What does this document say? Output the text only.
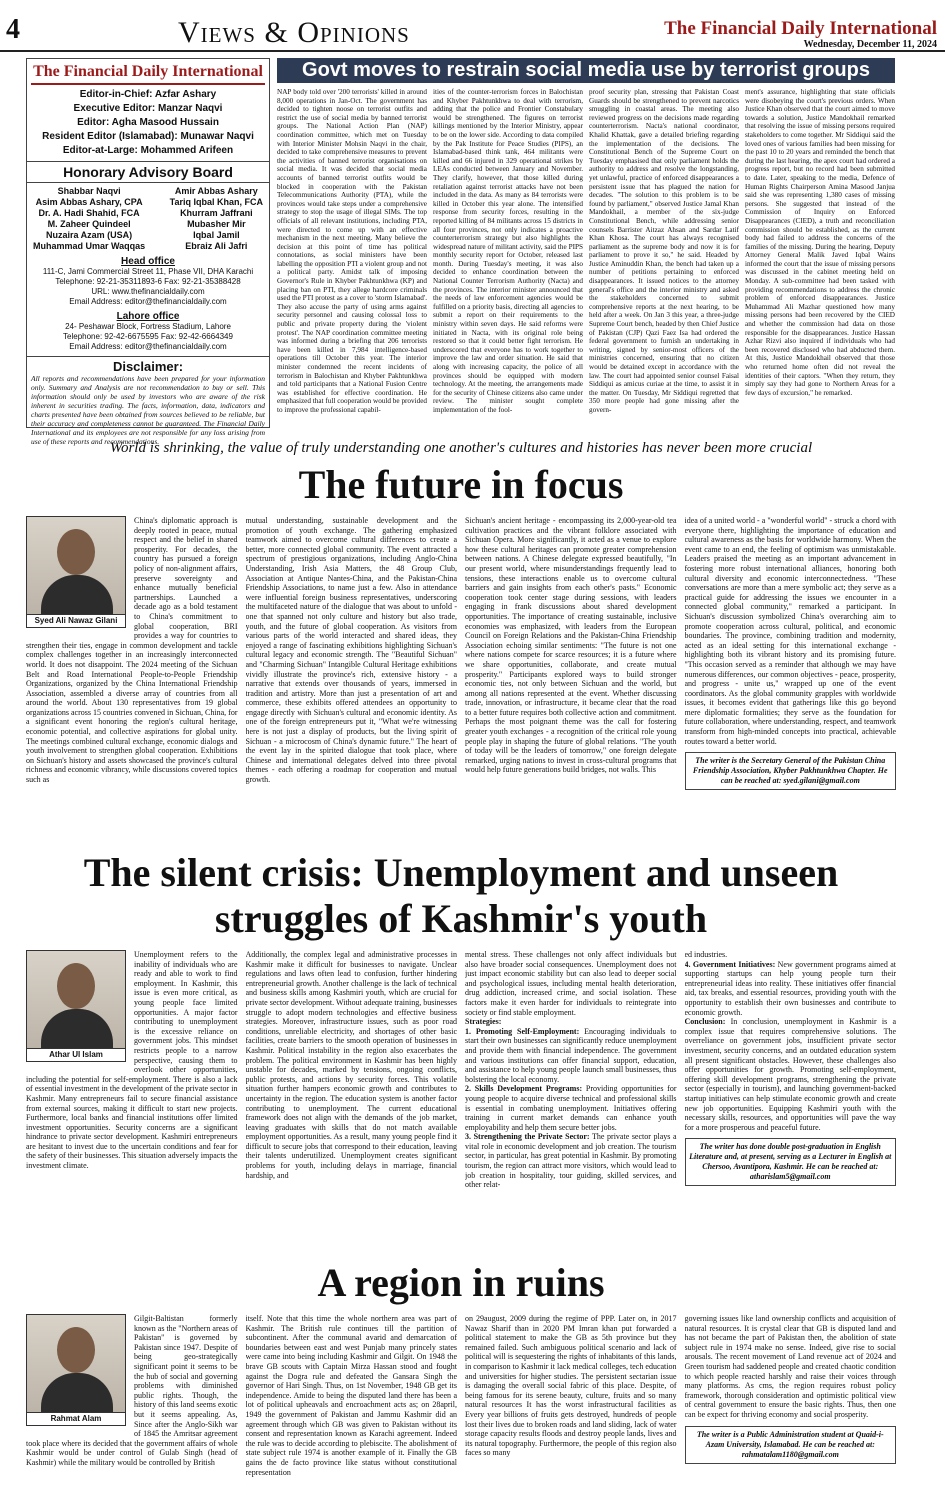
4	Views & Opinions	The Financial Daily International
Wednesday, December 11, 2024
The Financial Daily International
Editor-in-Chief: Azfar Ashary
Executive Editor: Manzar Naqvi
Editor: Agha Masood Hussain
Resident Editor (Islamabad): Munawar Naqvi
Editor-at-Large: Mohammed Arifeen
Honorary Advisory Board
Shabbar Naqvi
Asim Abbas Ashary, CPA
Dr. A. Hadi Shahid, FCA
M. Zaheer Quindeel
Nuzaira Azam (USA)
Muhammad Umar Waqqas
Amir Abbas Ashary
Tariq Iqbal Khan, FCA
Khurram Jaffrani
Mubasher Mir
Iqbal Jamil
Ebraiz Ali Jafri
Head office
111-C, Jami Commercial Street 11, Phase VII, DHA Karachi
Telephone: 92-21-35311893-6 Fax: 92-21-35388428
URL: www.thefinancialdaily.com
Email Address: editor@thefinancialdaily.com
Lahore office
24- Peshawar Block, Fortress Stadium, Lahore
Telephone: 92-42-6675595 Fax: 92-42-6664349
Email Address: editor@thefinancialdaily.com
Disclaimer:
All reports and recommendations have been prepared for your information only. Summary and Analysis are not recommendation to buy or sell. This information should only be used by investors who are aware of the risk inherent in securities trading. The facts, information, data, indicators and charts presented have been obtained from sources believed to be reliable, but their accuracy and completeness cannot be guaranteed. The Financial Daily International and its employees are not responsible for any loss arising from use of these reports and recommendations.
Govt moves to restrain social media use by terrorist groups
NAP body told over '200 terrorists' killed in around 8,000 operations in Jan-Oct. The government has decided to tighten noose on terrorist outfits and restrict the use of social media by banned terrorist groups. The National Action Plan (NAP) coordination committee, which met on Tuesday with Interior Minister Mohsin Naqvi in the chair, decided to take comprehensive measures to prevent the activities of banned terrorist organisations on social media. It was decided that social media accounts of banned terrorist outfits would be blocked in cooperation with the Pakistan Telecommunications Authority (PTA), while the provinces would take steps under a comprehensive strategy to stop the usage of illegal SIMs. The top officials of all relevant institutions, including PTA, were directed to come up with an effective mechanism in the next meeting. Many believe the decision at this point of time has political connotations, as social ministers have been labelling the opposition PTI a violent group and not a political party. Amidst talk of imposing Governor's Rule in Khyber Pakhtunkhwa (KP) and placing ban on PTI, they allege hardcore criminals used the PTI protest as a cover to 'storm Islamabad'. They also accuse the party of using arms against security personnel and causing colossal loss to public and private property during the 'violent protest'. The NAP coordination committee meeting was informed during a briefing that 206 terrorists have been killed in 7,984 intelligence-based operations till October this year. The interior minister condemned the recent incidents of terrorism in Balochistan and Khyber Pakhtunkhwa and told participants that a National Fusion Centre was established for effective coordination. He emphasized that full cooperation would be provided to improve the professional capabil-
ities of the counter-terrorism forces in Balochistan and Khyber Pakhtunkhwa to deal with terrorism, adding that the police and Frontier Constabulary would be strengthened. The figures on terrorist killings mentioned by the Interior Ministry, appear to be on the lower side. According to data compiled by the Pak Institute for Peace Studies (PIPS), an Islamabad-based think tank, 464 militants were killed and 66 injured in 329 operational strikes by LEAs conducted between January and November. They clarify, however, that those killed during retaliation against terrorist attacks have not been included in the data. As many as 84 terrorists were killed in October this year alone. The intensified response from security forces, resulting in the reported killing of 84 militants across 15 districts in all four provinces, not only indicates a proactive counterterrorism strategy but also highlights the widespread nature of militant activity, said the PIPS monthly security report for October, released last month. During Tuesday's meeting, it was also decided to enhance coordination between the National Counter Terrorism Authority (Nacta) and the provinces. The interior minister announced that the needs of law enforcement agencies would be fulfilled on a priority basis, directing all agencies to submit a report on their requirements to the ministry within seven days. He said reforms were initiated in Nacta, with its original role being restored so that it could better fight terrorism. He underscored that everyone has to work together to improve the law and order situation. He said that along with increasing capacity, the police of all provinces should be equipped with modern technology. At the meeting, the arrangements made for the security of Chinese citizens also came under review. The minister sought complete implementation of the fool-
proof security plan, stressing that Pakistan Coast Guards should be strengthened to prevent narcotics smuggling in coastal areas. The meeting also reviewed progress on the decisions made regarding counterterrorism. Nacta's national coordinator, Khalid Khattak, gave a detailed briefing regarding the implementation of the decisions. The Constitutional Bench of the Supreme Court on Tuesday emphasised that only parliament holds the authority to address and resolve the longstanding, yet unlawful, practice of enforced disappearances a persistent issue that has plagued the nation for decades. "The solution to this problem is to be found by parliament," observed Justice Jamal Khan Mandokhail, a member of the six-judge Constitutional Bench, while addressing senior counsels Barrister Aitzaz Ahsan and Sardar Latif Khan Khosa. The court has always recognised parliament as the supreme body and now it is for parliament to prove it so," he said. Headed by Justice Aminuddin Khan, the bench had taken up a number of petitions pertaining to enforced disappearances. It issued notices to the attorney general's office and the interior ministry and asked the stakeholders concerned to submit comprehensive reports at the next hearing, to be held after a week. On Jan 3 this year, a three-judge Supreme Court bench, headed by then Chief Justice of Pakistan (CJP) Qazi Faez Isa had ordered the federal government to furnish an undertaking in writing, signed by senior-most officers of the ministries concerned, ensuring that no citizen would be detained except in accordance with the law. The court had appointed senior counsel Faisal Siddiqui as amicus curiae at the time, to assist it in the matter. On Tuesday, Mr Siddiqui regretted that 350 more people had gone missing after the govern-
ment's assurance, highlighting that state officials were disobeying the court's previous orders. When Justice Khan observed that the court aimed to move towards a solution, Justice Mandokhail remarked that resolving the issue of missing persons required stakeholders to come together. Mr Siddiqui said the loved ones of various families had been missing for the past 10 to 20 years and reminded the bench that during the last hearing, the apex court had ordered a progress report, but no record had been submitted to date. Later, speaking to the media, Defence of Human Rights Chairperson Amina Masood Janjua said she was representing 1,380 cases of missing persons. She suggested that instead of the Commission of Inquiry on Enforced Disappearances (CIED), a truth and reconciliation commission should be established, as the current body had failed to address the concerns of the families of the missing. During the hearing, Deputy Attorney General Malik Javed Iqbal Wains informed the court that the issue of missing persons was discussed in the cabinet meeting held on Monday. A sub-committee had been tasked with providing recommendations to address the chronic problem of enforced disappearances. Justice Muhammad Ali Mazhar questioned how many missing persons had been recovered by the CIED and whether the commission had data on those responsible for the disappearances. Justice Hassan Azhar Rizvi also inquired if individuals who had been recovered disclosed who had abducted them. At this, Justice Mandokhail observed that those who returned home often did not reveal the identities of their captors. "When they return, they simply say they had gone to Northern Areas for a few days of excursion," he remarked.
World is shrinking, the value of truly understanding one another's cultures and histories has never been more crucial
The future in focus
Syed Ali Nawaz Gilani
China's diplomatic approach is deeply rooted in peace, mutual respect and the belief in shared prosperity. For decades, the country has pursued a foreign policy of non-alignment affairs, preserve sovereignty and enhance mutually beneficial partnerships. Launched a decade ago as a bold testament to China's commitment to global cooperation, BRI provides a way for countries to strengthen their ties, engage in common development and tackle complex challenges together in an increasingly interconnected world. It does not disappoint. The 2024 meeting of the Sichuan Belt and Road International People-to-People Friendship Organizations, organized by the China International Friendship Association, assembled a diverse array of countries from all around the world. About 130 representatives from 19 global organizations across 15 countries convened in Sichuan, China, for a significant event honoring the region's cultural heritage, economic potential, and collective aspirations for global unity. The meetings combined cultural exchange, economic dialogs and youth involvement to strengthen global cooperation. Exhibitions on Sichuan's history and assets showcased the province's cultural richness and economic vibrancy, while discussions covered topics such as
mutual understanding, sustainable development and the promotion of youth exchange. The gathering emphasized teamwork aimed to overcome cultural differences to create a better, more connected global community. The event attracted a spectrum of prestigious organizations, including Anglo-China Understanding, Irish Asia Matters, the 48 Group Club, Association at Antique Nantes-China, and the Pakistan-China Friendship Associations, to name just a few. Also in attendance were influential foreign business representatives, underscoring the multifaceted nature of the dialogue that was about to unfold - one that spanned not only culture and history but also trade, youth, and the future of global cooperation. As visitors from various parts of the world interacted and shared ideas, they enjoyed a range of fascinating exhibitions highlighting Sichuan's cultural legacy and economic strength. The "Beautiful Sichuan" and "Charming Sichuan" Intangible Cultural Heritage exhibitions vividly illustrate the province's rich, extensive history - a narrative that extends over thousands of years, immersed in tradition and artistry. More than just a presentation of art and commerce, these exhibits offered attendees an opportunity to engage directly with Sichuan's cultural and economic identity. As one of the foreign entrepreneurs put it, "What we're witnessing here is not just a display of products, but the living spirit of Sichuan - a microcosm of China's dynamic future." The heart of the event lay in the spirited dialogue that took place, where Chinese and international delegates delved into three pivotal themes - each offering a roadmap for cooperation and mutual growth.
Sichuan's ancient heritage - encompassing its 2,000-year-old tea cultivation practices and the vibrant folklore associated with Sichuan Opera. More significantly, it acted as a venue to explore how these cultural heritages can promote greater comprehension between nations. A Chinese delegate expressed beautifully, "In our present world, where misunderstandings frequently lead to tensions, these interactions enable us to overcome cultural barriers and gain insights from each other's pasts." Economic cooperation took center stage during sessions, with leaders engaging in frank discussions about shared development opportunities. The importance of creating sustainable, inclusive economies was emphasized, with leaders from the European Council on Foreign Relations and the Pakistan-China Friendship Association echoing similar sentiments: "The future is not one where nations compete for scarce resources; it is a future where we share opportunities, collaborate, and create mutual prosperity." Participants explored ways to build stronger economic ties, not only between Sichuan and the world, but among all nations represented at the event. Whether discussing trade, innovation, or infrastructure, it became clear that the road to a better future requires both collective action and commitment. Perhaps the most poignant theme was the call for fostering greater youth exchanges - a recognition of the critical role young people play in shaping the future of global relations. "The youth of today will be the leaders of tomorrow," one foreign delegate remarked, urging nations to invest in cross-cultural programs that would help future generations build bridges, not walls. This
idea of a united world - a "wonderful world" - struck a chord with everyone there, highlighting the importance of education and cultural awareness as the basis for worldwide harmony. When the event came to an end, the feeling of optimism was unmistakable. Leaders praised the meeting as an important advancement in fostering more robust international alliances, honoring both cultural diversity and economic interconnectedness. "These conversations are more than a mere symbolic act; they serve as a practical guide for addressing the issues we encounter in a connected global community," remarked a participant. In Sichuan's discussion symbolized China's overarching aim to promote cooperation across cultural, political, and economic boundaries. The province, combining tradition and modernity, acted as an ideal setting for this international exchange - highlighting both its vibrant history and its promising future. "This occasion served as a reminder that although we may have numerous differences, our common objectives - peace, prosperity, and progress - unite us," wrapped up one of the event coordinators. As the global community grapples with worldwide issues, it becomes evident that gatherings like this go beyond mere diplomatic formalities; they serve as the foundation for future collaboration, where understanding, respect, and teamwork transform from high-minded concepts into practical, achievable routes toward a better world.
The writer is the Secretary General of the Pakistan China Friendship Association, Khyber Pakhtunkhwa Chapter. He can be reached at: syed.gilani@gmail.com
The silent crisis: Unemployment and unseen struggles of Kashmir's youth
Athar Ul Islam
Unemployment refers to the inability of individuals who are ready and able to work to find employment. In Kashmir, this issue is even more critical, as young people face limited opportunities. A major factor contributing to unemployment is the excessive reliance on government jobs. This mindset restricts people to a narrow perspective, causing them to overlook other opportunities, including the potential for self-employment. There is also a lack of essential investment in the development of the private sector in Kashmir. Many entrepreneurs fail to secure financial assistance from external sources, making it difficult to start new projects. Furthermore, local banks and financial institutions offer limited investment opportunities. Security concerns are a significant hindrance to private sector development. Kashmiri entrepreneurs are hesitant to invest due to the uncertain conditions and fear for the safety of their businesses. This situation adversely impacts the investment climate.
Additionally, the complex legal and administrative processes in Kashmir make it difficult for businesses to navigate. Unclear regulations and laws often lead to confusion, further hindering entrepreneurial growth. Another challenge is the lack of technical and business skills among Kashmiri youth, which are crucial for private sector development. Without adequate training, businesses struggle to adopt modern technologies and effective business strategies. Moreover, infrastructure issues, such as poor road conditions, unreliable electricity, and shortages of other basic facilities, create barriers to the smooth operation of businesses in Kashmir. Political instability in the region also exacerbates the problem. The political environment in Kashmir has been highly unstable for decades, marked by tensions, ongoing conflicts, public protests, and actions by security forces. This volatile situation further hampers economic growth and contributes to uncertainty in the region. The education system is another factor contributing to unemployment. The current educational framework does not align with the demands of the job market, leaving graduates with skills that do not match available employment opportunities. As a result, many young people find it difficult to secure jobs that correspond to their education, leaving their talents underutilized. Unemployment creates significant problems for youth, including delays in marriage, financial hardship, and
mental stress. These challenges not only affect individuals but also have broader social consequences. Unemployment does not just impact economic stability but can also lead to deeper social and psychological issues, including mental health deterioration, drug addiction, increased crime, and social isolation. These factors make it even harder for individuals to reintegrate into society or find stable employment.
Strategies:
1. Promoting Self-Employment: Encouraging individuals to start their own businesses can significantly reduce unemployment and provide them with financial independence. The government and various institutions can offer financial support, education, and assistance to help young people launch small businesses, thus bolstering the local economy.
2. Skills Development Programs: Providing opportunities for young people to acquire diverse technical and professional skills is essential in combating unemployment. Initiatives offering training in current market demands can enhance youth employability and help them secure better jobs.
3. Strengthening the Private Sector: The private sector plays a vital role in economic development and job creation. The tourism sector, in particular, has great potential in Kashmir. By promoting tourism, the region can attract more visitors, which would lead to job creation in hospitality, tour guiding, skilled services, and other relat-
ed industries.
4. Government Initiatives: New government programs aimed at supporting startups can help young people turn their entrepreneurial ideas into reality. These initiatives offer financial aid, tax breaks, and essential resources, providing youth with the opportunity to establish their own businesses and contribute to economic growth.
Conclusion: In conclusion, unemployment in Kashmir is a complex issue that requires comprehensive solutions. The overreliance on government jobs, insufficient private sector investment, security concerns, and an outdated education system all present significant obstacles. However, these challenges also offer opportunities for growth. Promoting self-employment, offering skill development programs, strengthening the private sector (especially in tourism), and launching government-backed startup initiatives can help stimulate economic growth and create new job opportunities. Equipping Kashmiri youth with the necessary skills, resources, and opportunities will pave the way for a more prosperous and peaceful future.
The writer has done double post-graduation in English Literature and, at present, serving as a Lecturer in English at Chersoo, Avantipora, Kashmir. He can be reached at: atharislam5@gmail.com
A region in ruins
Rahmat Alam
Gilgit-Baltistan formerly known as the "Northern areas of Pakistan" is governed by Pakistan since 1947. Despite of being geo-strategically significant point it seems to be the hub of social and governing problems with diminished public rights. Though, the history of this land seems exotic but it seems appealing. As, Since after the Anglo-Sikh war of 1845 the Amritsar agreement took place where its decided that the government affairs of whole Kashmir would be under control of Gulab Singh (head of Kashmir) while the military would be controlled by British
itself. Note that this time the whole northern area was part of Kashmir. The British rule continues till the partition of subcontinent. After the communal avarid and demarcation of boundaries between east and west Punjab many princely states were came into being including Kashmir and Gilgit. On 1948 the brave GB scouts with Captain Mirza Hassan stood and fought against the Dogra rule and defeated the Gansara Singh the governor of Hari Singh. Thus, on 1st November, 1948 GB get its independence. Amide to being the disputed land there has been a lot of political upheavals and encroachment acts as; on 28april, 1949 the government of Pakistan and Jammu Kashmir did an agreement through which GB was given to Pakistan without its consent and representation known as Karachi agreement. Indeed the rule was to decide according to plebiscite. The abolishment of state subject rule 1974 is another example of it. Finally the GB gains the de facto province like status without constitutional representation
on 29august, 2009 during the regime of PPP. Later on, in 2017 Nawaz Sharif than in 2020 PM Imran khan put forwarded a political statement to make the GB as 5th province but they remained failed. Such ambiguous political scenario and lack of political will is sequestering the rights of inhabitants of this lands, in comparison to Kashmir it lack medical colleges, tech education and universities for higher studies. The persistent sectarian issue is damaging the overall social fabric of this place. Despite, of being famous for its serene beauty, culture, fruits and so many natural resources It has the worst infrastructural facilities as Every year billions of fruits gets destroyed, hundreds of people lost their lives due to broken roads and land sliding, lack of water storage capacity results floods and destroy people lands, lives and its natural topography. Furthermore, the people of this region also faces so many
governing issues like land ownership conflicts and acquisition of natural resources. It is crystal clear that GB is disputed land and has not became the part of Pakistan then, the abolition of state subject rule in 1974 make no sense. Indeed, give rise to social arousals. The recent movement of Land revenue act of 2024 and Green tourism had saddened people and created chaotic condition to which people reacted harshly and raise their voices through many platforms. As cms, the region requires robust policy framework, thorough consideration and optimistic political view of central government to ensure the basic rights. Thus, then one can be expect for thriving economy and social prosperity.
The writer is a Public Administration student at Quaid-i-Azam University, Islamabad. He can be reached at: rahmatalam1180@gmail.com
